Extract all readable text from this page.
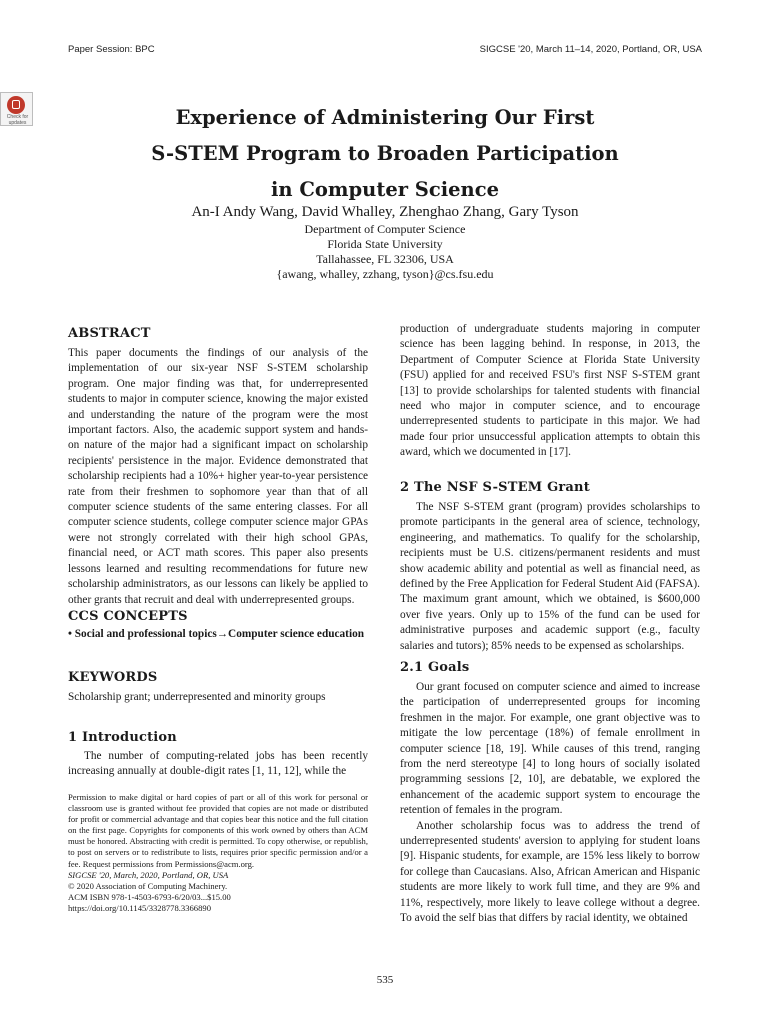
Paper Session: BPC	SIGCSE '20, March 11–14, 2020, Portland, OR, USA
Check for updates	Experience of Administering Our First
S-STEM Program to Broaden Participation
in Computer Science
An-I Andy Wang, David Whalley, Zhenghao Zhang, Gary Tyson
Department of Computer Science
Florida State University
Tallahassee, FL 32306, USA
{awang, whalley, zzhang, tyson}@cs.fsu.edu
ABSTRACT

This paper documents the findings of our analysis of the implementation of our six-year NSF S-STEM scholarship program. One major finding was that, for underrepresented students to major in computer science, knowing the major existed and understanding the nature of the program were the most important factors. Also, the academic support system and hands-on nature of the major had a significant impact on scholarship recipients' persistence in the major. Evidence demonstrated that scholarship recipients had a 10%+ higher year-to-year persistence rate from their freshmen to sophomore year than that of all computer science students of the same entering classes. For all computer science students, college computer science major GPAs were not strongly correlated with their high school GPAs, financial need, or ACT math scores. This paper also presents lessons learned and resulting recommendations for future new scholarship administrators, as our lessons can likely be applied to other grants that recruit and deal with underrepresented groups.

CCS CONCEPTS
• Social and professional topics→Computer science education
KEYWORDS
Scholarship grant; underrepresented and minority groups
1 Introduction

The number of computing-related jobs has been recently increasing annually at double-digit rates [1, 11, 12], while the

Permission to make digital or hard copies of part or all of this work for personal or classroom use is granted without fee provided that copies are not made or distributed for profit or commercial advantage and that copies bear this notice and the full citation on the first page. Copyrights for components of this work owned by others than ACM must be honored. Abstracting with credit is permitted. To copy otherwise, or republish, to post on servers or to redistribute to lists, requires prior specific permission and/or a fee. Request permissions from Permissions@acm.org.
SIGCSE '20, March, 2020, Portland, OR, USA
© 2020 Association of Computing Machinery.
ACM ISBN 978-1-4503-6793-6/20/03...$15.00
https://doi.org/10.1145/3328778.3366890

production of undergraduate students majoring in computer science has been lagging behind. In response, in 2013, the Department of Computer Science at Florida State University (FSU) applied for and received FSU's first NSF S-STEM grant [13] to provide scholarships for talented students with financial need who major in computer science, and to encourage underrepresented students to participate in this major. We had made four prior unsuccessful application attempts to obtain this award, which we documented in [17].

2 The NSF S-STEM Grant

The NSF S-STEM grant (program) provides scholarships to promote participants in the general area of science, technology, engineering, and mathematics. To qualify for the scholarship, recipients must be U.S. citizens/permanent residents and must show academic ability and potential as well as financial need, as defined by the Free Application for Federal Student Aid (FAFSA). The maximum grant amount, which we obtained, is $600,000 over five years. Only up to 15% of the fund can be used for administrative purposes and academic support (e.g., faculty salaries and tutors); 85% needs to be expensed as scholarships.

2.1 Goals

Our grant focused on computer science and aimed to increase the participation of underrepresented groups for incoming freshmen in the major. For example, one grant objective was to mitigate the low percentage (18%) of female enrollment in computer science [18, 19]. While causes of this trend, ranging from the nerd stereotype [4] to long hours of socially isolated programming sessions [2, 10], are debatable, we explored the enhancement of the academic support system to encourage the retention of females in the program.

Another scholarship focus was to address the trend of underrepresented students' aversion to applying for student loans [9]. Hispanic students, for example, are 15% less likely to borrow for college than Caucasians. Also, African American and Hispanic students are more likely to work full time, and they are 9% and 11%, respectively, more likely to leave college without a degree. To avoid the self bias that differs by racial identity, we obtained

535
